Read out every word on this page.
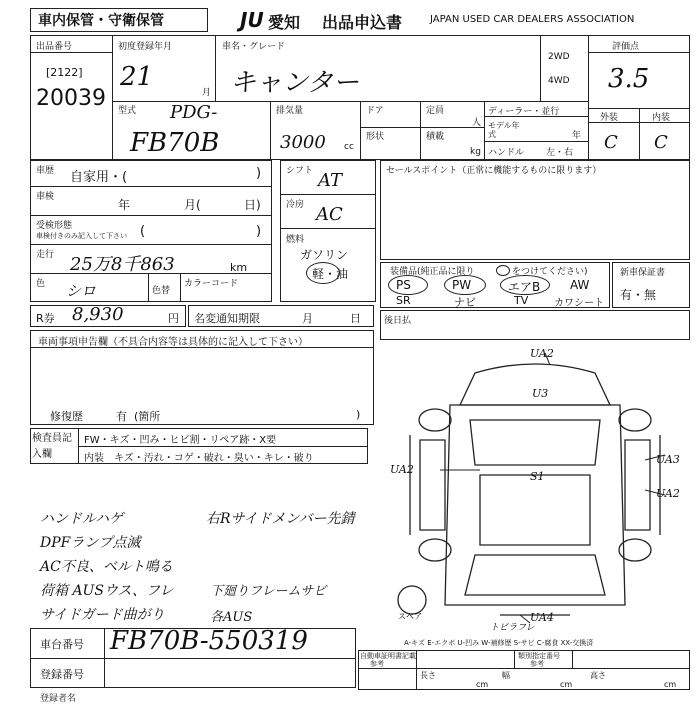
車内保管・守衛保管	JU 愛知 出品申込書	JAPAN USED CAR DEALERS ASSOCIATION
出品番号
[2122]
20039
初度登録年月
21
月
車名・グレード
キャンター
2WD
4WD
評価点
3.5
外装	内装
C C
型式 PDG-
FB70B
排気量
3000 cc
ドア	定員
人
形状	積載
kg
ディーラー・並行
モデル年式	年
ハンドル 左・右
車歴 自家用・(	)
車検
年	月(	日)
受検形態
車検付きのみ記入して下さい (	)
走行 25万8千863	km
色 シロ	色替
カラーコード
シフト AT
冷房 AC
燃料
ガソリン
軽・油
セールスポイント（正常に機能するものに限ります）
装備品(純正品に限り	をつけてください)
PS	PW	エアB AW
SR	ナビ	TV	カワシート
新車保証書
有・無
R券 8,930	円 名変通知期限	月	日	後日払
車両事項申告欄（不具合内容等は具体的に記入して下さい）
修復歴	有 (箇所	)
検査員記入欄
FW・キズ・凹み・ヒビ割・リペア跡・X要
内装 キズ・汚れ・コゲ・破れ・臭い・キレ・破り
ハンドルハゲ
DPFランプ点滅
AC不良、ベルト鳴る
荷箱 AUSウス、フレ
サイドガード曲がり
右Rサイドメンバー先錆
下廻りフレームサビ
各AUS
UA2
U3
UA2
S1
UA3
UA2
UA4
スペア
トビラフレ
A-キズ E-エクボ U-凹み W-補修歴 S-サビ C-腐食 XX-交換済
車台番号 FB70B-550319
登録番号
自動車証明書記載
参考
類別指定番号
参考
長さ
cm
幅
cm
高さ
cm
登録者名
